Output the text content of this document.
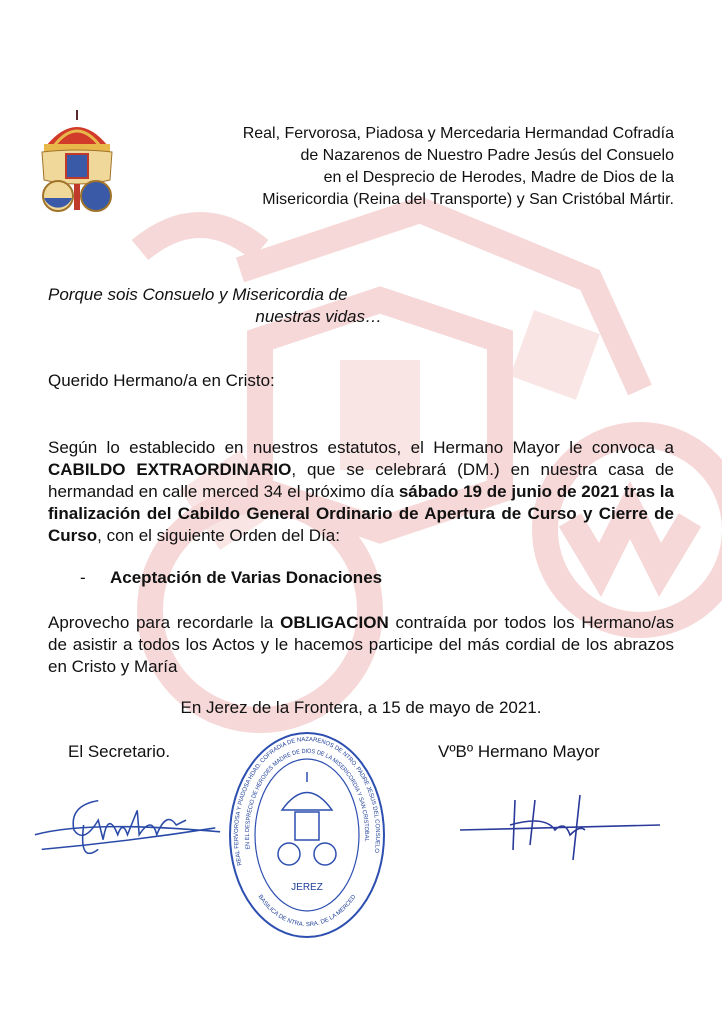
Real, Fervorosa, Piadosa y Mercedaria Hermandad Cofradía
de Nazarenos de Nuestro Padre Jesús del Consuelo
en el Desprecio de Herodes, Madre de Dios de la
Misericordia (Reina del Transporte) y San Cristóbal Mártir.
Porque sois Consuelo y Misericordia de
nuestras vidas…
Querido Hermano/a en Cristo:
Según lo establecido en nuestros estatutos, el Hermano Mayor le convoca a CABILDO EXTRAORDINARIO, que se celebrará (DM.) en nuestra casa de hermandad en calle merced 34 el próximo día sábado 19 de junio de 2021 tras la finalización del Cabildo General Ordinario de Apertura de Curso y Cierre de Curso, con el siguiente Orden del Día:
- Aceptación de Varias Donaciones
Aprovecho para recordarle la OBLIGACION contraída por todos los Hermano/as de asistir a todos los Actos y le hacemos participe del más cordial de los abrazos en Cristo y María
En Jerez de la Frontera, a 15 de mayo de 2021.
El Secretario.	VºBº Hermano Mayor
REAL FERVOROSA Y PIADOSA HDAD. COFRADIA DE NAZARENOS DE NTRO. PADRE JESUS DEL CONSUELO
EN EL DESPRECIO DE HERODES MADRE DE DIOS DE LA MISERICORDIA Y SAN CRISTOBAL
BASILICA DE NTRA. SRA. DE LA MERCED
JEREZ
